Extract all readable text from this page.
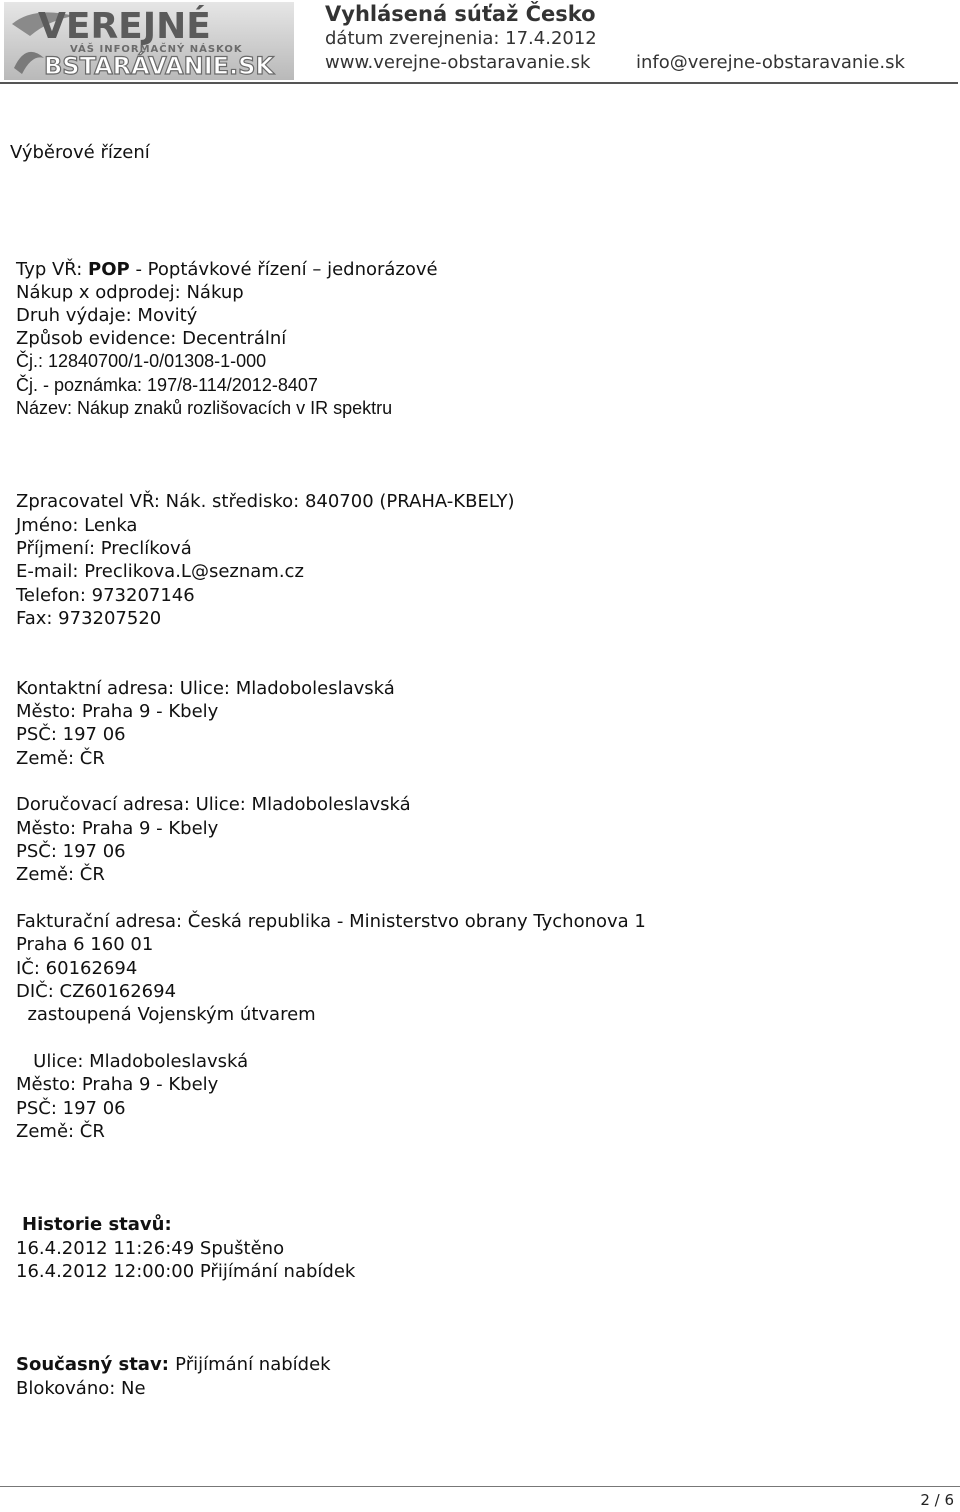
VEREJNÉ
VÁŠ INFORMAČNÝ NÁSKOK
BSTARÁVANIE.SK
Vyhlásená súťaž Česko
dátum zverejnenia: 17.4.2012
www.verejne-obstaravanie.sk	info@verejne-obstaravanie.sk
Výběrové řízení
Typ VŘ: POP - Poptávkové řízení – jednorázové
Nákup x odprodej: Nákup
Druh výdaje: Movitý
Způsob evidence: Decentrální
Čj.: 12840700/1-0/01308-1-000
Čj. - poznámka: 197/8-114/2012-8407
Název: Nákup znaků rozlišovacích v IR spektru
Zpracovatel VŘ: Nák. středisko: 840700 (PRAHA-KBELY)
Jméno: Lenka
Příjmení: Preclíková
E-mail: Preclikova.L@seznam.cz
Telefon: 973207146
Fax: 973207520
Kontaktní adresa: Ulice: Mladoboleslavská
Město: Praha 9 - Kbely
PSČ: 197 06
Země: ČR
Doručovací adresa: Ulice: Mladoboleslavská
Město: Praha 9 - Kbely
PSČ: 197 06
Země: ČR
Fakturační adresa: Česká republika - Ministerstvo obrany Tychonova 1
Praha 6 160 01
IČ: 60162694
DIČ: CZ60162694
zastoupená Vojenským útvarem
Ulice: Mladoboleslavská
Město: Praha 9 - Kbely
PSČ: 197 06
Země: ČR
Historie stavů:
16.4.2012 11:26:49 Spuštěno
16.4.2012 12:00:00 Přijímání nabídek
Současný stav: Přijímání nabídek
Blokováno: Ne
2 / 6
